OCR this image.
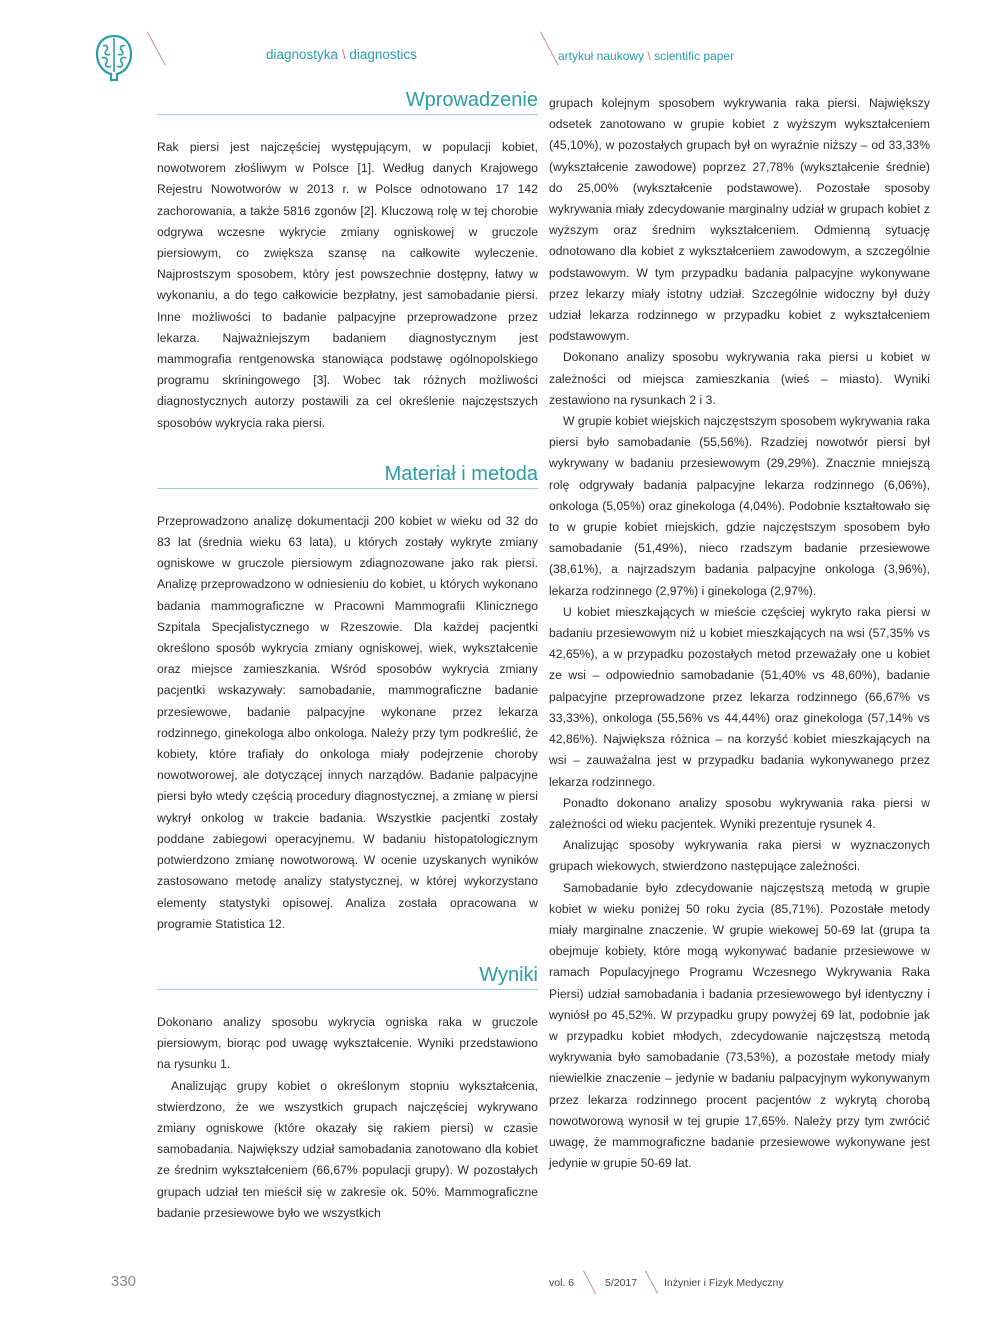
diagnostyka \ diagnostics	artykuł naukowy \ scientific paper
Wprowadzenie

Rak piersi jest najczęściej występującym, w populacji kobiet, nowotworem złośliwym w Polsce [1]. Według danych Krajowego Rejestru Nowotworów w 2013 r. w Polsce odnotowano 17 142 zachorowania, a także 5816 zgonów [2]. Kluczową rolę w tej chorobie odgrywa wczesne wykrycie zmiany ogniskowej w gruczole piersiowym, co zwiększa szansę na całkowite wyleczenie. Najprostszym sposobem, który jest powszechnie dostępny, łatwy w wykonaniu, a do tego całkowicie bezpłatny, jest samobadanie piersi. Inne możliwości to badanie palpacyjne przeprowadzone przez lekarza. Najważniejszym badaniem diagnostycznym jest mammografia rentgenowska stanowiąca podstawę ogólnopolskiego programu skriningowego [3]. Wobec tak różnych możliwości diagnostycznych autorzy postawili za cel określenie najczęstszych sposobów wykrycia raka piersi.

Materiał i metoda

Przeprowadzono analizę dokumentacji 200 kobiet w wieku od 32 do 83 lat (średnia wieku 63 lata), u których zostały wykryte zmiany ogniskowe w gruczole piersiowym zdiagnozowane jako rak piersi. Analizę przeprowadzono w odniesieniu do kobiet, u których wykonano badania mammograficzne w Pracowni Mammografii Klinicznego Szpitala Specjalistycznego w Rzeszowie. Dla każdej pacjentki określono sposób wykrycia zmiany ogniskowej, wiek, wykształcenie oraz miejsce zamieszkania. Wśród sposobów wykrycia zmiany pacjentki wskazywały: samobadanie, mammograficzne badanie przesiewowe, badanie palpacyjne wykonane przez lekarza rodzinnego, ginekologa albo onkologa. Należy przy tym podkreślić, że kobiety, które trafiały do onkologa miały podejrzenie choroby nowotworowej, ale dotyczącej innych narządów. Badanie palpacyjne piersi było wtedy częścią procedury diagnostycznej, a zmianę w piersi wykrył onkolog w trakcie badania. Wszystkie pacjentki zostały poddane zabiegowi operacyjnemu. W badaniu histopatologicznym potwierdzono zmianę nowotworową. W ocenie uzyskanych wyników zastosowano metodę analizy statystycznej, w której wykorzystano elementy statystyki opisowej. Analiza została opracowana w programie Statistica 12.

Wyniki

Dokonano analizy sposobu wykrycia ogniska raka w gruczole piersiowym, biorąc pod uwagę wykształcenie. Wyniki przedstawiono na rysunku 1.

Analizując grupy kobiet o określonym stopniu wykształcenia, stwierdzono, że we wszystkich grupach najczęściej wykrywano zmiany ogniskowe (które okazały się rakiem piersi) w czasie samobadania. Największy udział samobadania zanotowano dla kobiet ze średnim wykształceniem (66,67% populacji grupy). W pozostałych grupach udział ten mieścił się w zakresie ok. 50%. Mammograficzne badanie przesiewowe było we wszystkich

grupach kolejnym sposobem wykrywania raka piersi. Największy odsetek zanotowano w grupie kobiet z wyższym wykształceniem (45,10%), w pozostałych grupach był on wyraźnie niższy – od 33,33% (wykształcenie zawodowe) poprzez 27,78% (wykształcenie średnie) do 25,00% (wykształcenie podstawowe). Pozostałe sposoby wykrywania miały zdecydowanie marginalny udział w grupach kobiet z wyższym oraz średnim wykształceniem. Odmienną sytuację odnotowano dla kobiet z wykształceniem zawodowym, a szczególnie podstawowym. W tym przypadku badania palpacyjne wykonywane przez lekarzy miały istotny udział. Szczególnie widoczny był duży udział lekarza rodzinnego w przypadku kobiet z wykształceniem podstawowym.

Dokonano analizy sposobu wykrywania raka piersi u kobiet w zależności od miejsca zamieszkania (wieś – miasto). Wyniki zestawiono na rysunkach 2 i 3.

W grupie kobiet wiejskich najczęstszym sposobem wykrywania raka piersi było samobadanie (55,56%). Rzadziej nowotwór piersi był wykrywany w badaniu przesiewowym (29,29%). Znacznie mniejszą rolę odgrywały badania palpacyjne lekarza rodzinnego (6,06%), onkologa (5,05%) oraz ginekologa (4,04%). Podobnie kształtowało się to w grupie kobiet miejskich, gdzie najczęstszym sposobem było samobadanie (51,49%), nieco rzadszym badanie przesiewowe (38,61%), a najrzadszym badania palpacyjne onkologa (3,96%), lekarza rodzinnego (2,97%) i ginekologa (2,97%).

U kobiet mieszkających w mieście częściej wykryto raka piersi w badaniu przesiewowym niż u kobiet mieszkających na wsi (57,35% vs 42,65%), a w przypadku pozostałych metod przeważały one u kobiet ze wsi – odpowiednio samobadanie (51,40% vs 48,60%), badanie palpacyjne przeprowadzone przez lekarza rodzinnego (66,67% vs 33,33%), onkologa (55,56% vs 44,44%) oraz ginekologa (57,14% vs 42,86%). Największa różnica – na korzyść kobiet mieszkających na wsi – zauważalna jest w przypadku badania wykonywanego przez lekarza rodzinnego.

Ponadto dokonano analizy sposobu wykrywania raka piersi w zależności od wieku pacjentek. Wyniki prezentuje rysunek 4.

Analizując sposoby wykrywania raka piersi w wyznaczonych grupach wiekowych, stwierdzono następujące zależności.

Samobadanie było zdecydowanie najczęstszą metodą w grupie kobiet w wieku poniżej 50 roku życia (85,71%). Pozostałe metody miały marginalne znaczenie. W grupie wiekowej 50-69 lat (grupa ta obejmuje kobiety, które mogą wykonywać badanie przesiewowe w ramach Populacyjnego Programu Wczesnego Wykrywania Raka Piersi) udział samobadania i badania przesiewowego był identyczny i wyniósł po 45,52%. W przypadku grupy powyżej 69 lat, podobnie jak w przypadku kobiet młodych, zdecydowanie najczęstszą metodą wykrywania było samobadanie (73,53%), a pozostałe metody miały niewielkie znaczenie – jedynie w badaniu palpacyjnym wykonywanym przez lekarza rodzinnego procent pacjentów z wykrytą chorobą nowotworową wynosił w tej grupie 17,65%. Należy przy tym zwrócić uwagę, że mammograficzne badanie przesiewowe wykonywane jest jedynie w grupie 50-69 lat.

330	vol. 6	5/2017	Inżynier i Fizyk Medyczny
